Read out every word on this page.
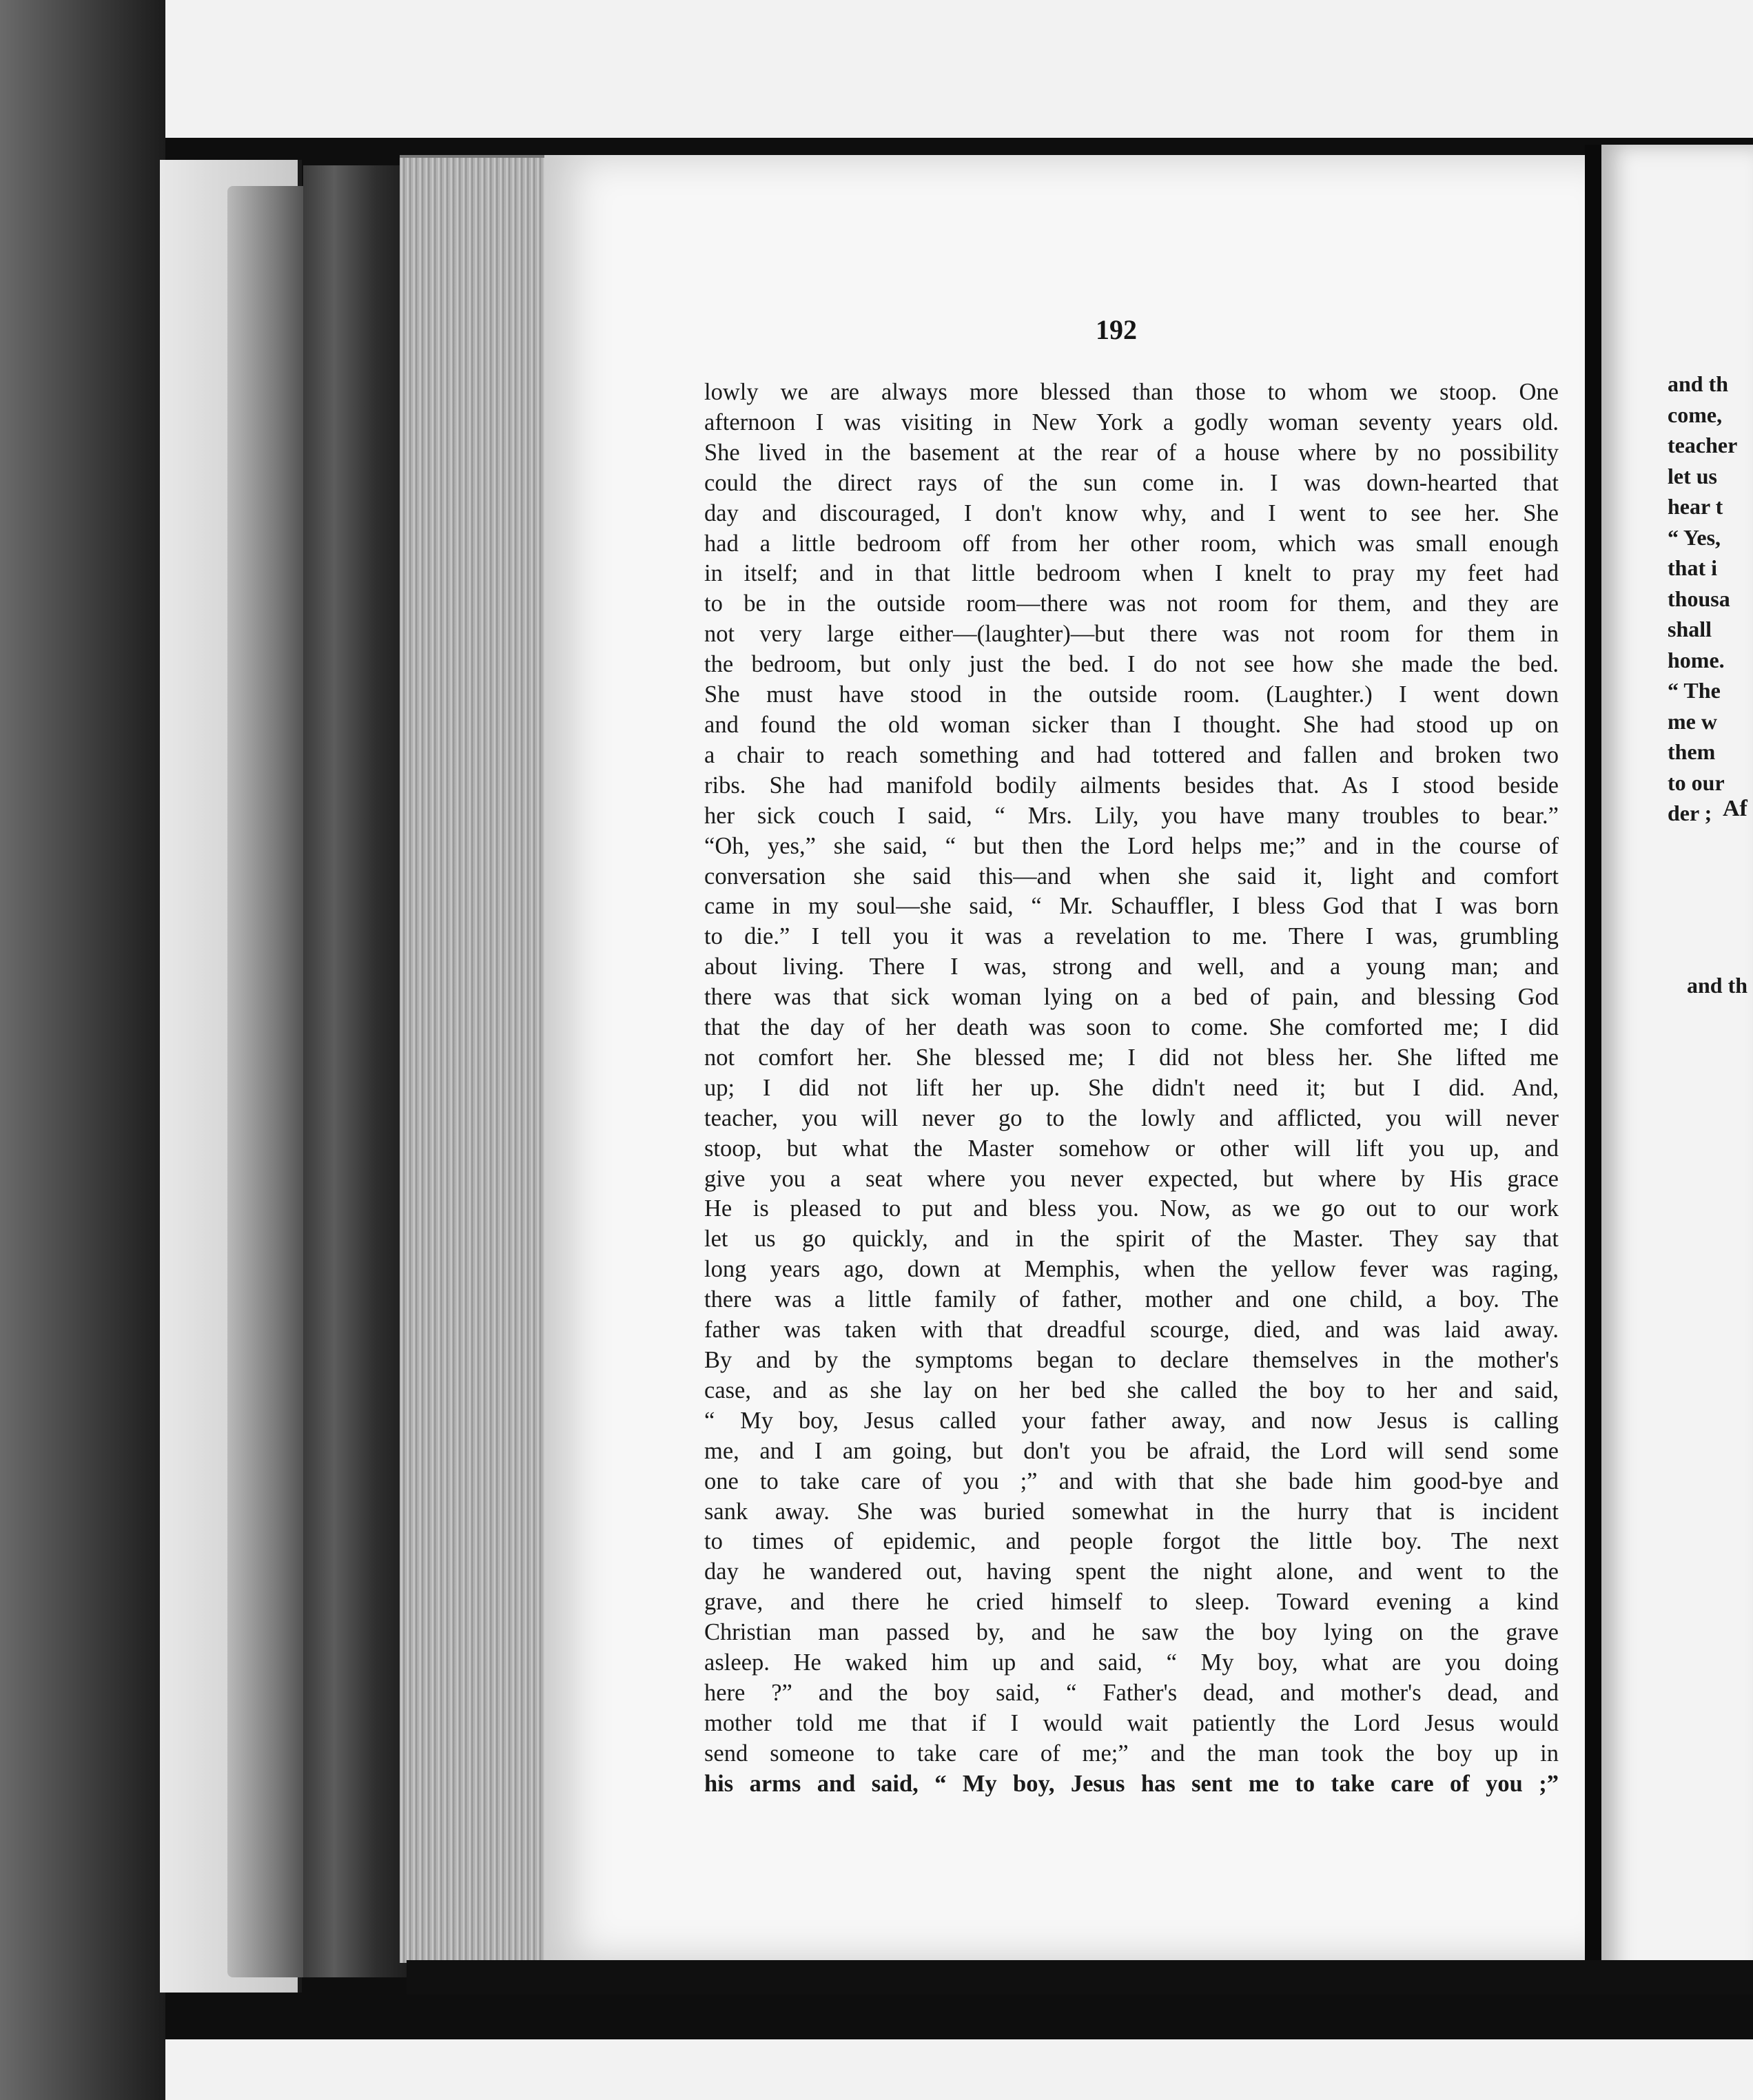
192
lowly we are always more blessed than those to whom we stoop. One
afternoon I was visiting in New York a godly woman seventy years old.
She lived in the basement at the rear of a house where by no possibility
could the direct rays of the sun come in. I was down-hearted that
day and discouraged, I don't know why, and I went to see her. She
had a little bedroom off from her other room, which was small enough
in itself; and in that little bedroom when I knelt to pray my feet had
to be in the outside room—there was not room for them, and they are
not very large either—(laughter)—but there was not room for them in
the bedroom, but only just the bed. I do not see how she made the bed.
She must have stood in the outside room. (Laughter.) I went down
and found the old woman sicker than I thought. She had stood up on
a chair to reach something and had tottered and fallen and broken two
ribs. She had manifold bodily ailments besides that. As I stood beside
her sick couch I said, “ Mrs. Lily, you have many troubles to bear.”
“Oh, yes,” she said, “ but then the Lord helps me;” and in the course of
conversation she said this—and when she said it, light and comfort
came in my soul—she said, “ Mr. Schauffler, I bless God that I was born
to die.” I tell you it was a revelation to me. There I was, grumbling
about living. There I was, strong and well, and a young man; and
there was that sick woman lying on a bed of pain, and blessing God
that the day of her death was soon to come. She comforted me; I did
not comfort her. She blessed me; I did not bless her. She lifted me
up; I did not lift her up. She didn't need it; but I did. And,
teacher, you will never go to the lowly and afflicted, you will never
stoop, but what the Master somehow or other will lift you up, and
give you a seat where you never expected, but where by His grace
He is pleased to put and bless you. Now, as we go out to our work
let us go quickly, and in the spirit of the Master. They say that
long years ago, down at Memphis, when the yellow fever was raging,
there was a little family of father, mother and one child, a boy. The
father was taken with that dreadful scourge, died, and was laid away.
By and by the symptoms began to declare themselves in the mother's
case, and as she lay on her bed she called the boy to her and said,
“ My boy, Jesus called your father away, and now Jesus is calling
me, and I am going, but don't you be afraid, the Lord will send some
one to take care of you ;” and with that she bade him good-bye and
sank away. She was buried somewhat in the hurry that is incident
to times of epidemic, and people forgot the little boy. The next
day he wandered out, having spent the night alone, and went to the
grave, and there he cried himself to sleep. Toward evening a kind
Christian man passed by, and he saw the boy lying on the grave
asleep. He waked him up and said, “ My boy, what are you doing
here ?” and the boy said, “ Father's dead, and mother's dead, and
mother told me that if I would wait patiently the Lord Jesus would
send someone to take care of me;” and the man took the boy up in
his arms and said, “ My boy, Jesus has sent me to take care of you ;”
and th
come,
teacher
let us
hear t
“ Yes,
that i
thousa
shall
home.
“ The
me w
them
to our
der ; Af
and th
